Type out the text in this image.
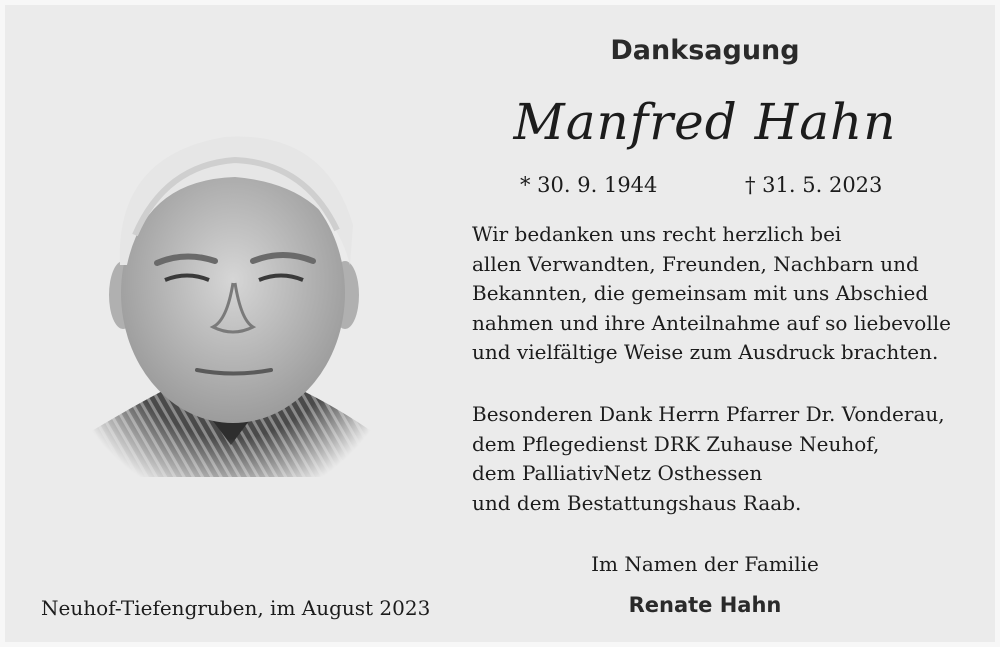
Danksagung
Manfred Hahn
* 30. 9. 1944	† 31. 5. 2023

Wir bedanken uns recht herzlich bei
allen Verwandten, Freunden, Nachbarn und
Bekannten, die gemeinsam mit uns Abschied
nahmen und ihre Anteilnahme auf so liebevolle
und vielfältige Weise zum Ausdruck brachten.

Besonderen Dank Herrn Pfarrer Dr. Vonderau,
dem Pflegedienst DRK Zuhause Neuhof,
dem PalliativNetz Osthessen
und dem Bestattungshaus Raab.

Im Namen der Familie
Renate Hahn
Neuhof-Tiefengruben, im August 2023
